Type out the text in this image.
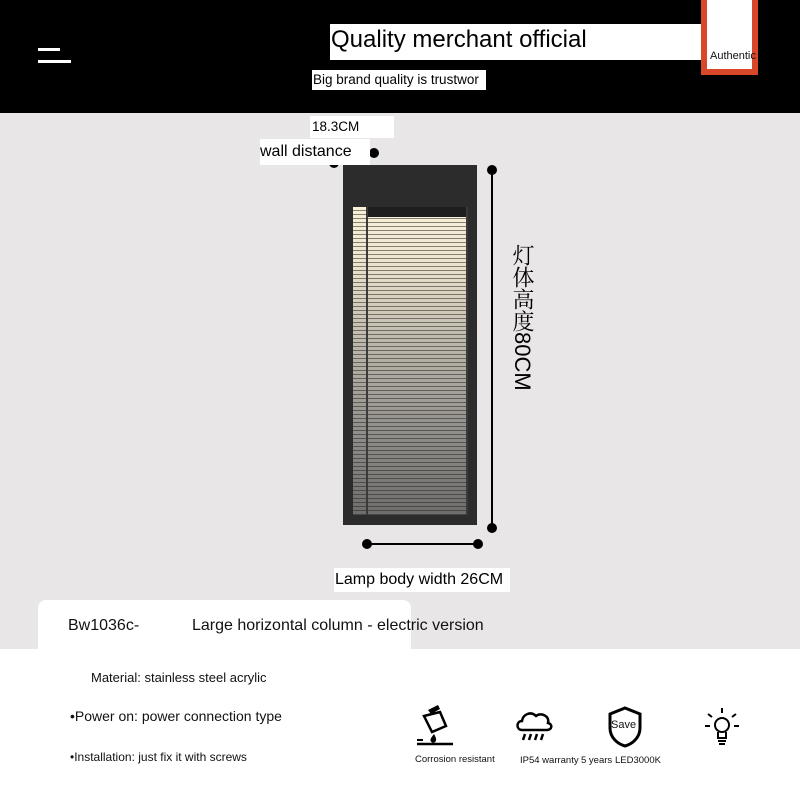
Quality merchant official
Authentic
Big brand quality is trustwor
18.3CM
wall distance
灯体高度80CM
Lamp body width 26CM
Bw1036c-	Large horizontal column - electric version
Material: stainless steel acrylic
•Power on: power connection type
•Installation: just fix it with screws	Corrosion resistant	IP54 warranty
Save
5 years LED3000K
